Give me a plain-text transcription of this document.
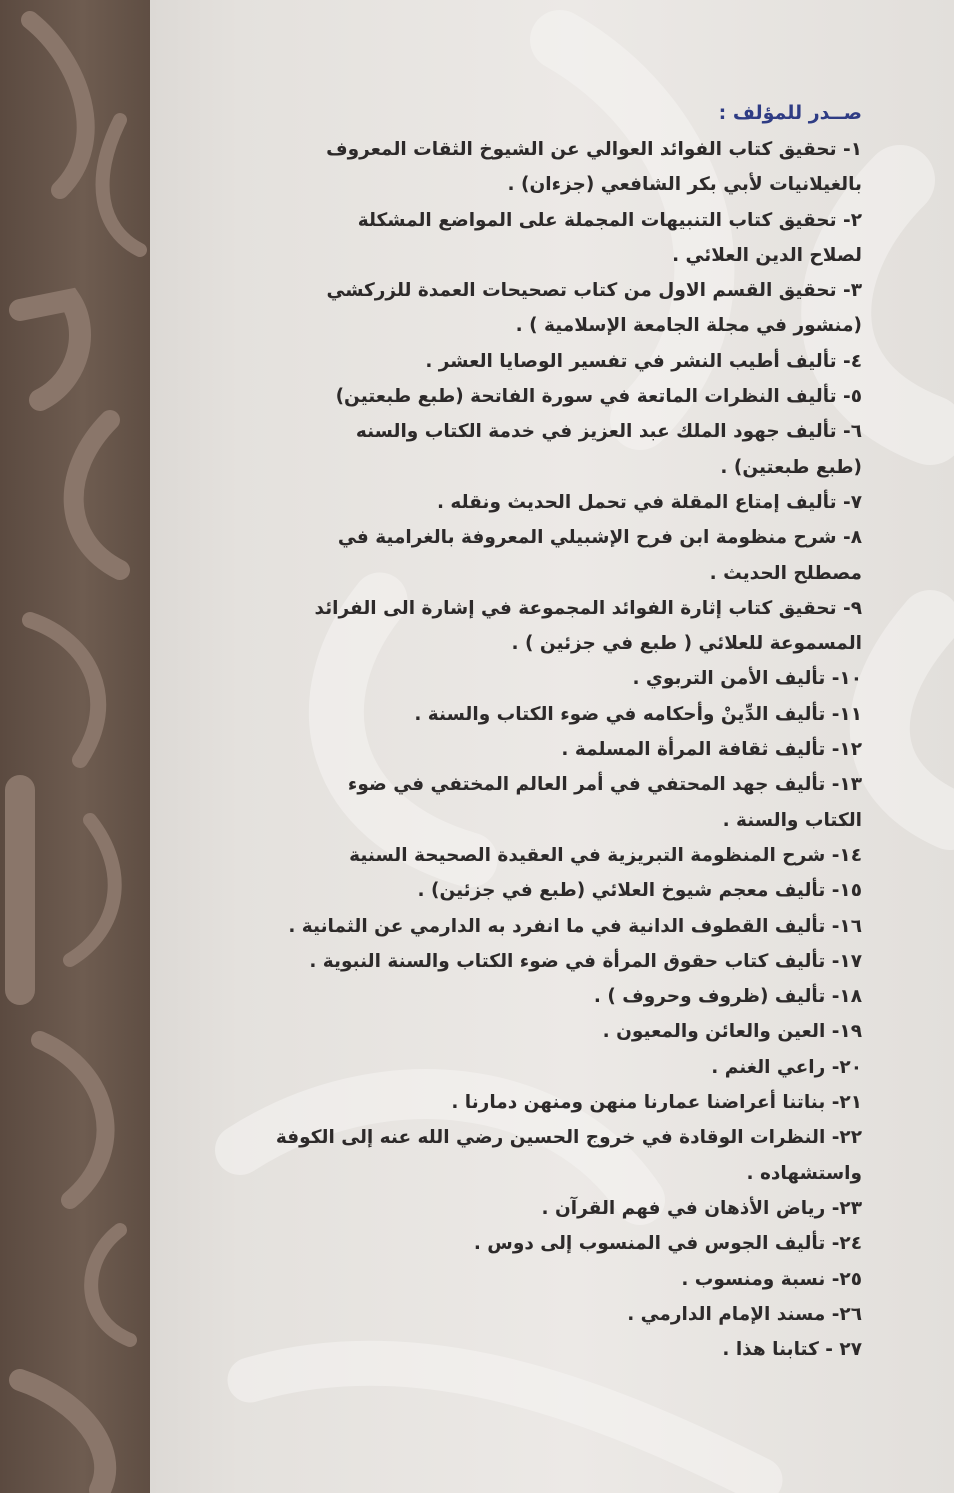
صــدر للمؤلف :
١- تحقيق كتاب الفوائد العوالي عن الشيوخ الثقات المعروف
بالغيلانيات لأبي بكر الشافعي (جزءان) .
٢- تحقيق كتاب التنبيهات المجملة على المواضع المشكلة
لصلاح الدين العلائي .
٣- تحقيق القسم الاول من كتاب تصحيحات العمدة للزركشي
(منشور في مجلة الجامعة الإسلامية ) .
٤- تأليف أطيب النشر في تفسير الوصايا العشر .
٥- تأليف النظرات الماتعة في سورة الفاتحة (طبع طبعتين)
٦- تأليف جهود الملك عبد العزيز في خدمة الكتاب والسنه
(طبع طبعتين) .
٧- تأليف إمتاع المقلة في تحمل الحديث ونقله .
٨- شرح منظومة ابن فرح الإشبيلي المعروفة بالغرامية في
مصطلح الحديث .
٩- تحقيق كتاب إثارة الفوائد المجموعة في إشارة الى الفرائد
المسموعة للعلائي ( طبع في جزئين ) .
١٠- تأليف الأمن التربوي .
١١- تأليف الدِّينْ وأحكامه في ضوء الكتاب والسنة .
١٢- تأليف ثقافة المرأة المسلمة .
١٣- تأليف جهد المحتفي في أمر العالم المختفي في ضوء
الكتاب والسنة .
١٤- شرح المنظومة التبريزية في العقيدة الصحيحة السنية
١٥- تأليف معجم شيوخ العلائي (طبع في جزئين) .
١٦- تأليف القطوف الدانية في ما انفرد به الدارمي عن الثمانية .
١٧- تأليف كتاب حقوق المرأة في ضوء الكتاب والسنة النبوية .
١٨- تأليف (ظروف وحروف ) .
١٩- العين والعائن والمعيون .
٢٠- راعي الغنم .
٢١- بناتنا أعراضنا عمارنا منهن ومنهن دمارنا .
٢٢- النظرات الوقادة في خروج الحسين رضي الله عنه إلى الكوفة
واستشهاده .
٢٣- رياض الأذهان في فهم القرآن .
٢٤- تأليف الجوس في المنسوب إلى دوس .
٢٥- نسبة ومنسوب .
٢٦- مسند الإمام الدارمي .
٢٧ - كتابنا هذا .
